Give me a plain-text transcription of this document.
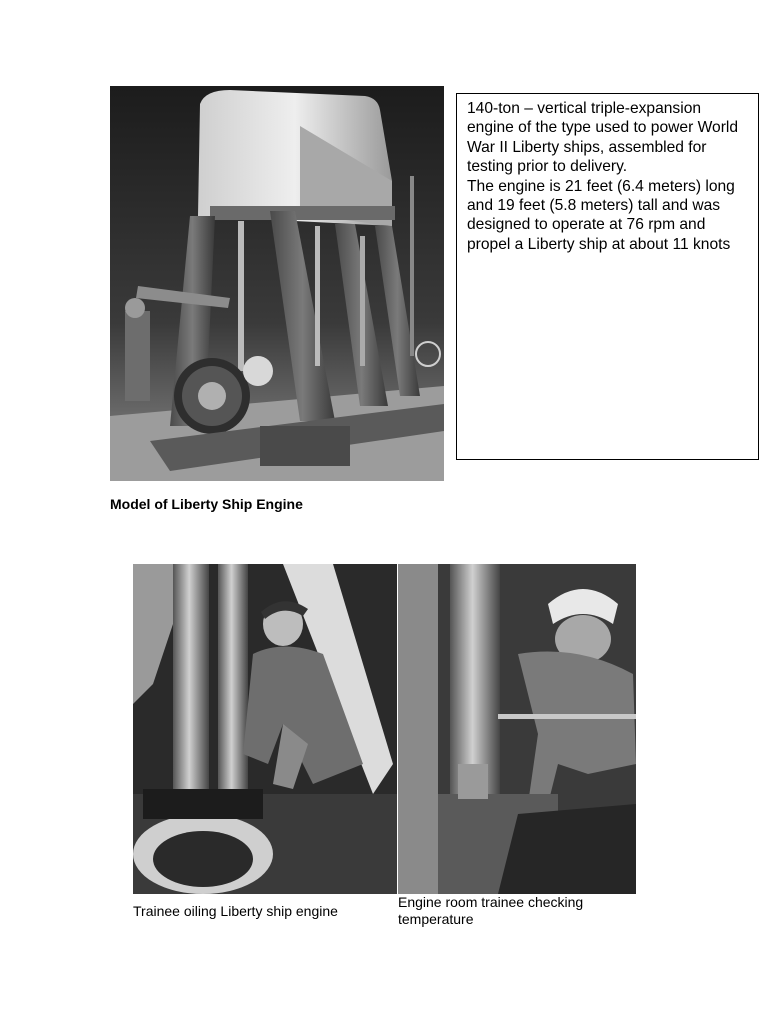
140-ton – vertical triple-expansion engine of the type used to power World War II Liberty ships, assembled for testing prior to delivery.

The engine is 21 feet (6.4 meters) long and 19 feet (5.8 meters) tall and was designed to operate at 76 rpm and propel a Liberty ship at about 11 knots

Model of Liberty Ship Engine
Trainee oiling Liberty ship engine
Engine room trainee checking temperature
